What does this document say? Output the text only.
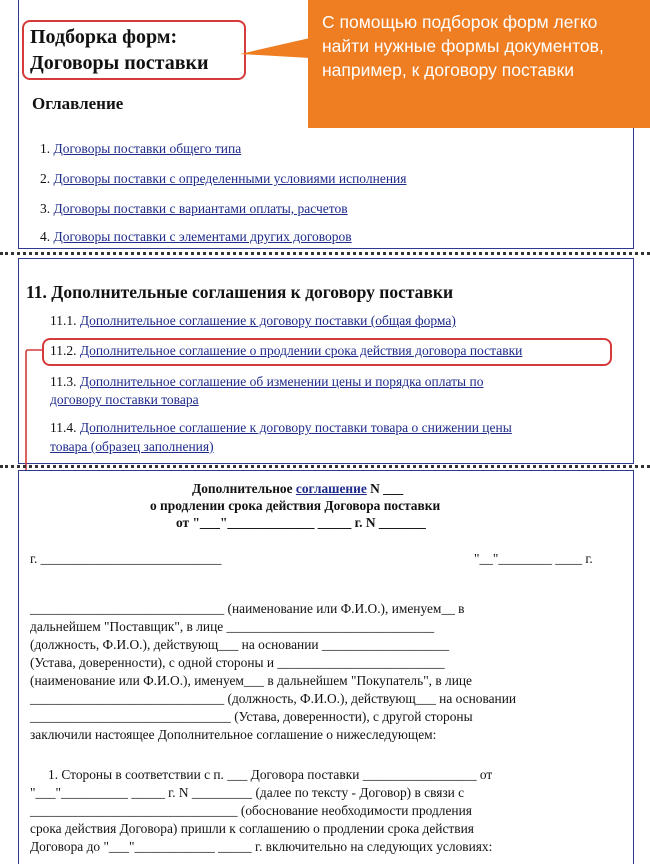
Подборка форм:
Договоры поставки
С помощью подборок форм легко найти нужные формы документов, например, к договору поставки
Оглавление
1. Договоры поставки общего типа
2. Договоры поставки с определенными условиями исполнения
3. Договоры поставки с вариантами оплаты, расчетов
4. Договоры поставки с элементами других договоров
11. Дополнительные соглашения к договору поставки
11.1. Дополнительное соглашение к договору поставки (общая форма)
11.2. Дополнительное соглашение о продлении срока действия договора поставки
11.3. Дополнительное соглашение об изменении цены и порядка оплаты по
договору поставки товара
11.4. Дополнительное соглашение к договору поставки товара о снижении цены
товара (образец заполнения)
Дополнительное соглашение N ___
о продлении срока действия Договора поставки
от "___"_____________ _____ г. N _______
г. ___________________________	"__"________ ____ г.
_____________________________ (наименование или Ф.И.О.), именуем__ в
дальнейшем "Поставщик", в лице _______________________________
(должность, Ф.И.О.), действующ___ на основании ___________________
(Устава, доверенности), с одной стороны и _________________________
(наименование или Ф.И.О.), именуем___ в дальнейшем "Покупатель", в лице
_____________________________ (должность, Ф.И.О.), действующ___ на основании
______________________________ (Устава, доверенности), с другой стороны
заключили настоящее Дополнительное соглашение о нижеследующем:
1. Стороны в соответствии с п. ___ Договора поставки _________________ от
"___"__________ _____ г. N _________ (далее по тексту - Договор) в связи с
_______________________________ (обоснование необходимости продления
срока действия Договора) пришли к соглашению о продлении срока действия
Договора до "___"____________ _____ г. включительно на следующих условиях:
